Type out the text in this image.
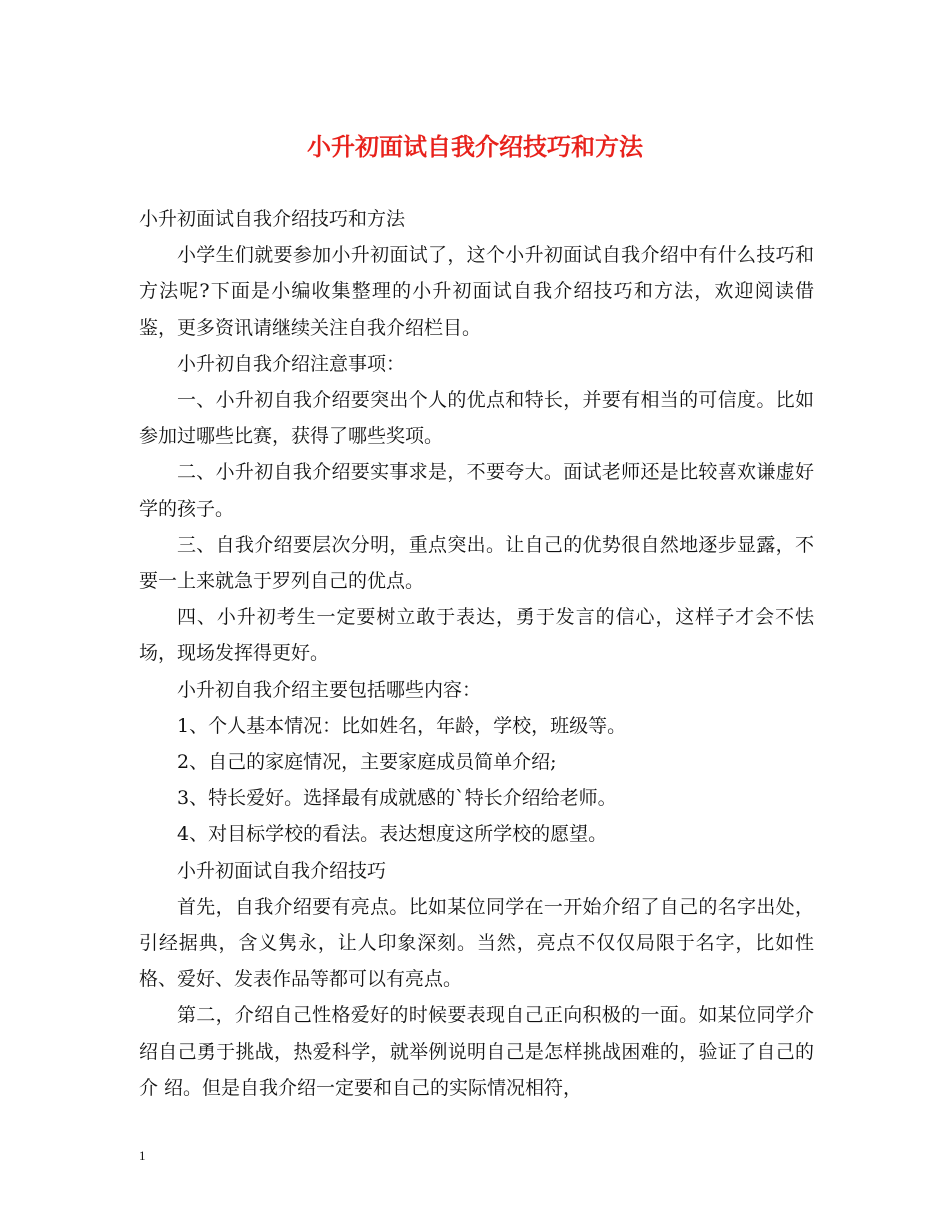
小升初面试自我介绍技巧和方法

小升初面试自我介绍技巧和方法

小学生们就要参加小升初面试了，这个小升初面试自我介绍中有什么技巧和方法呢?下面是小编收集整理的小升初面试自我介绍技巧和方法，欢迎阅读借鉴，更多资讯请继续关注自我介绍栏目。

小升初自我介绍注意事项：

一、小升初自我介绍要突出个人的优点和特长，并要有相当的可信度。比如参加过哪些比赛，获得了哪些奖项。

二、小升初自我介绍要实事求是，不要夸大。面试老师还是比较喜欢谦虚好学的孩子。

三、自我介绍要层次分明，重点突出。让自己的优势很自然地逐步显露，不要一上来就急于罗列自己的优点。

四、小升初考生一定要树立敢于表达，勇于发言的信心，这样子才会不怯场，现场发挥得更好。

小升初自我介绍主要包括哪些内容：

1、个人基本情况：比如姓名，年龄，学校，班级等。

2、自己的家庭情况，主要家庭成员简单介绍;

3、特长爱好。选择最有成就感的`特长介绍给老师。

4、对目标学校的看法。表达想度这所学校的愿望。

小升初面试自我介绍技巧

首先，自我介绍要有亮点。比如某位同学在一开始介绍了自己的名字出处，引经据典，含义隽永，让人印象深刻。当然，亮点不仅仅局限于名字，比如性格、爱好、发表作品等都可以有亮点。

第二，介绍自己性格爱好的时候要表现自己正向积极的一面。如某位同学介绍自己勇于挑战，热爱科学，就举例说明自己是怎样挑战困难的，验证了自己的介 绍。但是自我介绍一定要和自己的实际情况相符，

1
